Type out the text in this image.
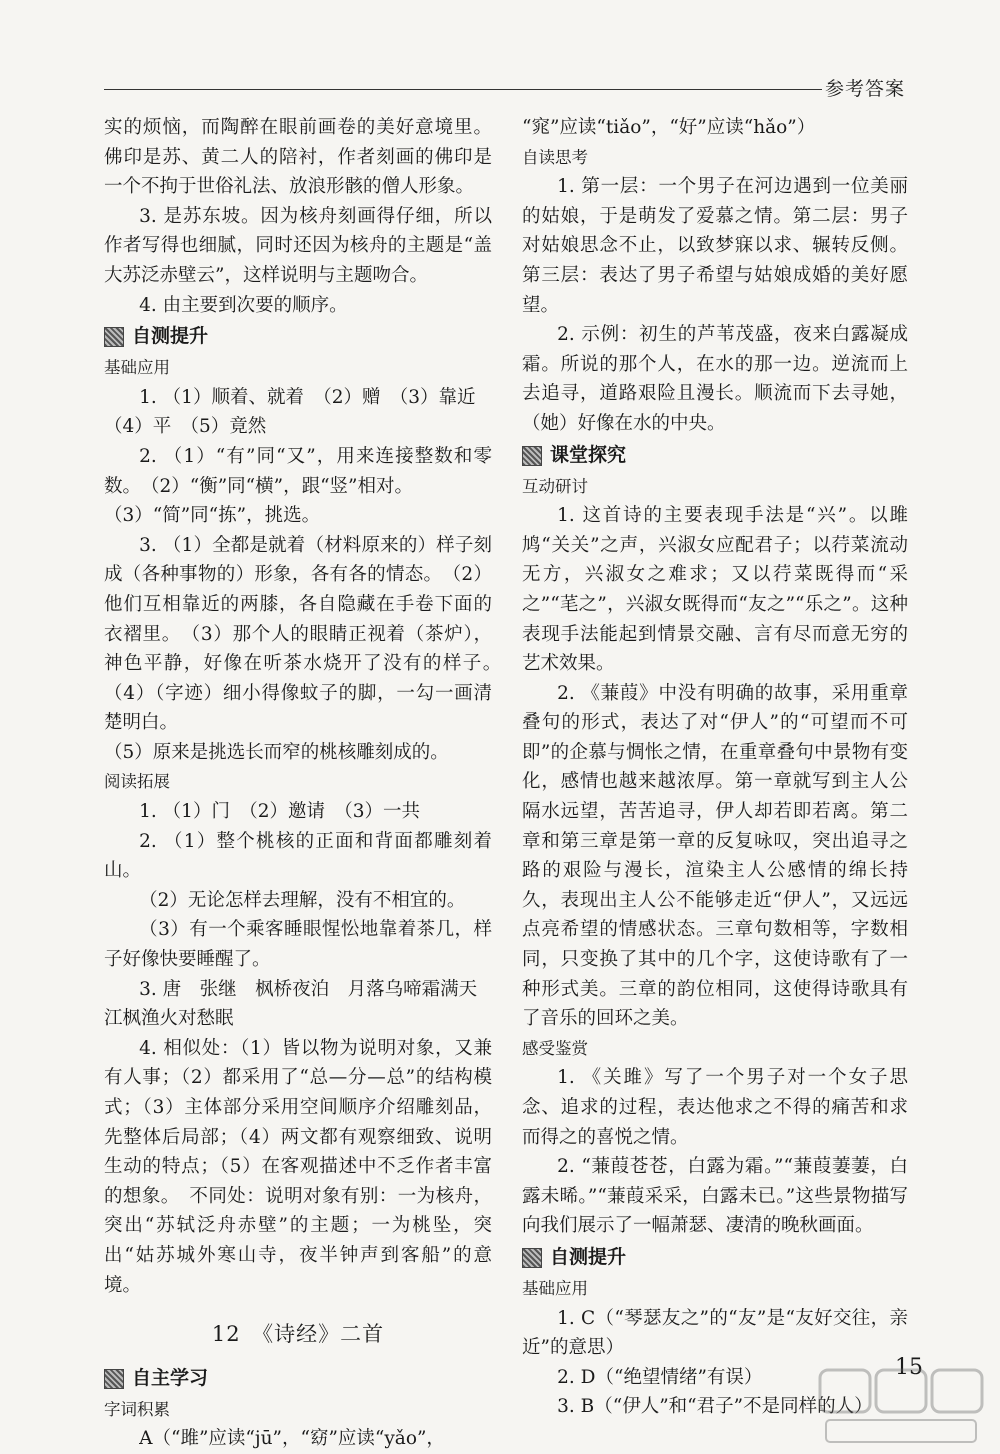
参考答案

实的烦恼，而陶醉在眼前画卷的美好意境里。佛印是苏、黄二人的陪衬，作者刻画的佛印是一个不拘于世俗礼法、放浪形骸的僧人形象。

3. 是苏东坡。因为核舟刻画得仔细，所以作者写得也细腻，同时还因为核舟的主题是“盖大苏泛赤壁云”，这样说明与主题吻合。

4. 由主要到次要的顺序。

自测提升
基础应用

1. （1）顺着、就着　（2）赠　（3）靠近

（4）平　（5）竟然

2. （1）“有”同“又”，用来连接整数和零数。　（2）“衡”同“横”，跟“竖”相对。

（3）“简”同“拣”，挑选。

3. （1）全都是就着（材料原来的）样子刻成（各种事物的）形象，各有各的情态。　（2）他们互相靠近的两膝，各自隐藏在手卷下面的衣褶里。　（3）那个人的眼睛正视着（茶炉），神色平静，好像在听茶水烧开了没有的样子。　（4）（字迹）细小得像蚊子的脚，一勾一画清楚明白。

（5）原来是挑选长而窄的桃核雕刻成的。

阅读拓展

1. （1）门　（2）邀请　（3）一共

2. （1）整个桃核的正面和背面都雕刻着山。

（2）无论怎样去理解，没有不相宜的。

（3）有一个乘客睡眼惺忪地靠着茶几，样子好像快要睡醒了。

3. 唐　张继　枫桥夜泊　月落乌啼霜满天

江枫渔火对愁眠

4. 相似处：（1）皆以物为说明对象，又兼有人事；（2）都采用了“总—分—总”的结构模式；（3）主体部分采用空间顺序介绍雕刻品，先整体后局部；（4）两文都有观察细致、说明生动的特点；（5）在客观描述中不乏作者丰富的想象。　不同处：说明对象有别：一为核舟，突出“苏轼泛舟赤壁”的主题；一为桃坠，突出“姑苏城外寒山寺，夜半钟声到客船”的意境。

12　《诗经》二首
自主学习
字词积累

A（“雎”应读“jū”，“窈”应读“yǎo”，

“窕”应读“tiǎo”，“好”应读“hǎo”）

自读思考

1. 第一层：一个男子在河边遇到一位美丽的姑娘，于是萌发了爱慕之情。第二层：男子对姑娘思念不止，以致梦寐以求、辗转反侧。第三层：表达了男子希望与姑娘成婚的美好愿望。

2. 示例：初生的芦苇茂盛，夜来白露凝成霜。所说的那个人，在水的那一边。逆流而上去追寻，道路艰险且漫长。顺流而下去寻她，（她）好像在水的中央。

课堂探究
互动研讨

1. 这首诗的主要表现手法是“兴”。以雎鸠“关关”之声，兴淑女应配君子；以荇菜流动无方，兴淑女之难求；又以荇菜既得而“采之”“芼之”，兴淑女既得而“友之”“乐之”。这种表现手法能起到情景交融、言有尽而意无穷的艺术效果。

2. 《蒹葭》中没有明确的故事，采用重章叠句的形式，表达了对“伊人”的“可望而不可即”的企慕与惆怅之情，在重章叠句中景物有变化，感情也越来越浓厚。第一章就写到主人公隔水远望，苦苦追寻，伊人却若即若离。第二章和第三章是第一章的反复咏叹，突出追寻之路的艰险与漫长，渲染主人公感情的绵长持久，表现出主人公不能够走近“伊人”，又远远点亮希望的情感状态。三章句数相等，字数相同，只变换了其中的几个字，这使诗歌有了一种形式美。三章的韵位相同，这使得诗歌具有了音乐的回环之美。

感受鉴赏

1. 《关雎》写了一个男子对一个女子思念、追求的过程，表达他求之不得的痛苦和求而得之的喜悦之情。

2. “蒹葭苍苍，白露为霜。”“蒹葭萋萋，白露未晞。”“蒹葭采采，白露未已。”这些景物描写向我们展示了一幅萧瑟、凄清的晚秋画面。

自测提升
基础应用

1. C（“琴瑟友之”的“友”是“友好交往，亲近”的意思）

2. D（“绝望情绪”有误）

3. B（“伊人”和“君子”不是同样的人）

15
